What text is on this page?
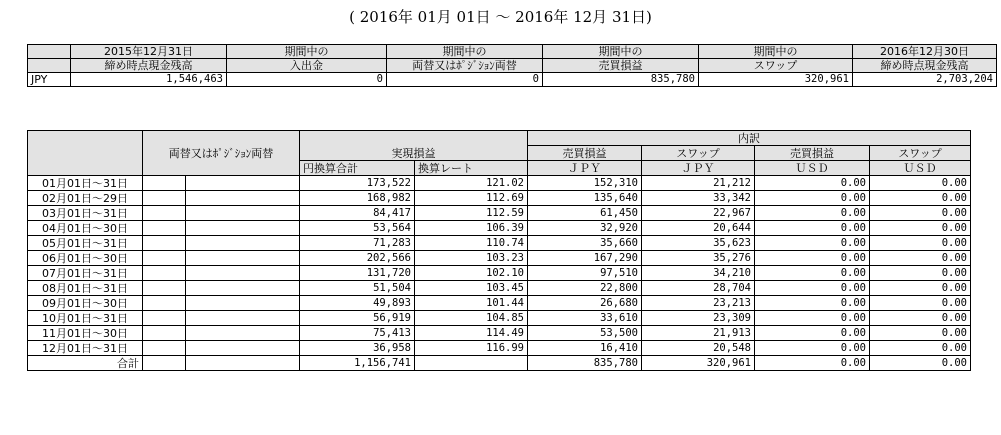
( 2016年 01月 01日 ～ 2016年 12月 31日)
	2015年12月31日	期間中の	期間中の	期間中の	期間中の	2016年12月30日
	締め時点現金残高	入出金	両替又はﾎﾟｼﾞｼｮﾝ両替	売買損益	スワップ	締め時点現金残高
JPY	1,546,463	0	0	835,780	320,961	2,703,204
	両替又はﾎﾟｼﾞｼｮﾝ両替		実現損益		内訳			
					売買損益	スワップ	売買損益	スワップ
			円換算合計	換算レート	ＪＰＹ	ＪＰＹ	ＵＳＤ	ＵＳＤ
01月01日～31日			173,522	121.02	152,310	21,212	0.00	0.00
02月01日～29日			168,982	112.69	135,640	33,342	0.00	0.00
03月01日～31日			84,417	112.59	61,450	22,967	0.00	0.00
04月01日～30日			53,564	106.39	32,920	20,644	0.00	0.00
05月01日～31日			71,283	110.74	35,660	35,623	0.00	0.00
06月01日～30日			202,566	103.23	167,290	35,276	0.00	0.00
07月01日～31日			131,720	102.10	97,510	34,210	0.00	0.00
08月01日～31日			51,504	103.45	22,800	28,704	0.00	0.00
09月01日～30日			49,893	101.44	26,680	23,213	0.00	0.00
10月01日～31日			56,919	104.85	33,610	23,309	0.00	0.00
11月01日～30日			75,413	114.49	53,500	21,913	0.00	0.00
12月01日～31日			36,958	116.99	16,410	20,548	0.00	0.00
合計			1,156,741		835,780	320,961	0.00	0.00
